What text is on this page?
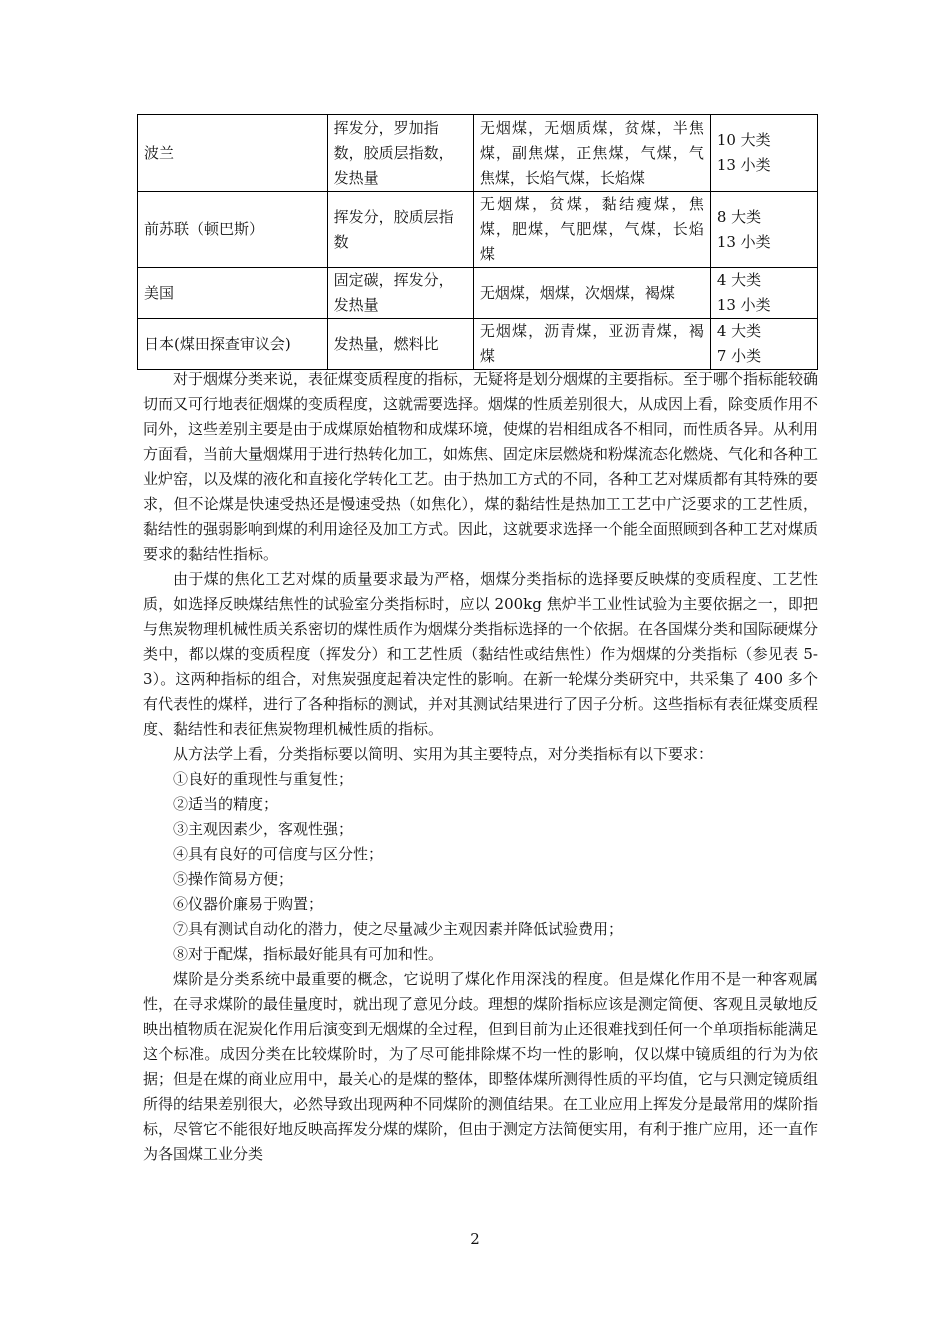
波兰	挥发分，罗加指数，胶质层指数，发热量	无烟煤，无烟质煤，贫煤，半焦煤，副焦煤，正焦煤，气煤，气焦煤，长焰气煤，长焰煤	10 大类
13 小类

前苏联（顿巴斯）	挥发分，胶质层指数	无烟煤，贫煤，黏结瘦煤，焦煤，肥煤，气肥煤，气煤，长焰煤	8 大类
13 小类

美国	固定碳，挥发分，发热量	无烟煤，烟煤，次烟煤，褐煤	4 大类
13 小类

日本(煤田探查审议会)	发热量，燃料比	无烟煤，沥青煤，亚沥青煤，褐煤	4 大类
7 小类

对于烟煤分类来说，表征煤变质程度的指标，无疑将是划分烟煤的主要指标。至于哪个指标能较确切而又可行地表征烟煤的变质程度，这就需要选择。烟煤的性质差别很大，从成因上看，除变质作用不同外，这些差别主要是由于成煤原始植物和成煤环境，使煤的岩相组成各不相同，而性质各异。从利用方面看，当前大量烟煤用于进行热转化加工，如炼焦、固定床层燃烧和粉煤流态化燃烧、气化和各种工业炉窑，以及煤的液化和直接化学转化工艺。由于热加工方式的不同，各种工艺对煤质都有其特殊的要求，但不论煤是快速受热还是慢速受热（如焦化），煤的黏结性是热加工工艺中广泛要求的工艺性质，黏结性的强弱影响到煤的利用途径及加工方式。因此，这就要求选择一个能全面照顾到各种工艺对煤质要求的黏结性指标。

由于煤的焦化工艺对煤的质量要求最为严格，烟煤分类指标的选择要反映煤的变质程度、工艺性质，如选择反映煤结焦性的试验室分类指标时，应以 200kg 焦炉半工业性试验为主要依据之一，即把与焦炭物理机械性质关系密切的煤性质作为烟煤分类指标选择的一个依据。在各国煤分类和国际硬煤分类中，都以煤的变质程度（挥发分）和工艺性质（黏结性或结焦性）作为烟煤的分类指标（参见表 5-3）。这两种指标的组合，对焦炭强度起着决定性的影响。在新一轮煤分类研究中，共采集了 400 多个有代表性的煤样，进行了各种指标的测试，并对其测试结果进行了因子分析。这些指标有表征煤变质程度、黏结性和表征焦炭物理机械性质的指标。

从方法学上看，分类指标要以简明、实用为其主要特点，对分类指标有以下要求：

①良好的重现性与重复性；

②适当的精度；

③主观因素少，客观性强；

④具有良好的可信度与区分性；

⑤操作简易方便；

⑥仪器价廉易于购置；

⑦具有测试自动化的潜力，使之尽量减少主观因素并降低试验费用；

⑧对于配煤，指标最好能具有可加和性。

煤阶是分类系统中最重要的概念，它说明了煤化作用深浅的程度。但是煤化作用不是一种客观属性，在寻求煤阶的最佳量度时，就出现了意见分歧。理想的煤阶指标应该是测定简便、客观且灵敏地反映出植物质在泥炭化作用后演变到无烟煤的全过程，但到目前为止还很难找到任何一个单项指标能满足这个标准。成因分类在比较煤阶时，为了尽可能排除煤不均一性的影响，仅以煤中镜质组的行为为依据；但是在煤的商业应用中，最关心的是煤的整体，即整体煤所测得性质的平均值，它与只测定镜质组所得的结果差别很大，必然导致出现两种不同煤阶的测值结果。在工业应用上挥发分是最常用的煤阶指标，尽管它不能很好地反映高挥发分煤的煤阶，但由于测定方法简便实用，有利于推广应用，还一直作为各国煤工业分类

2
